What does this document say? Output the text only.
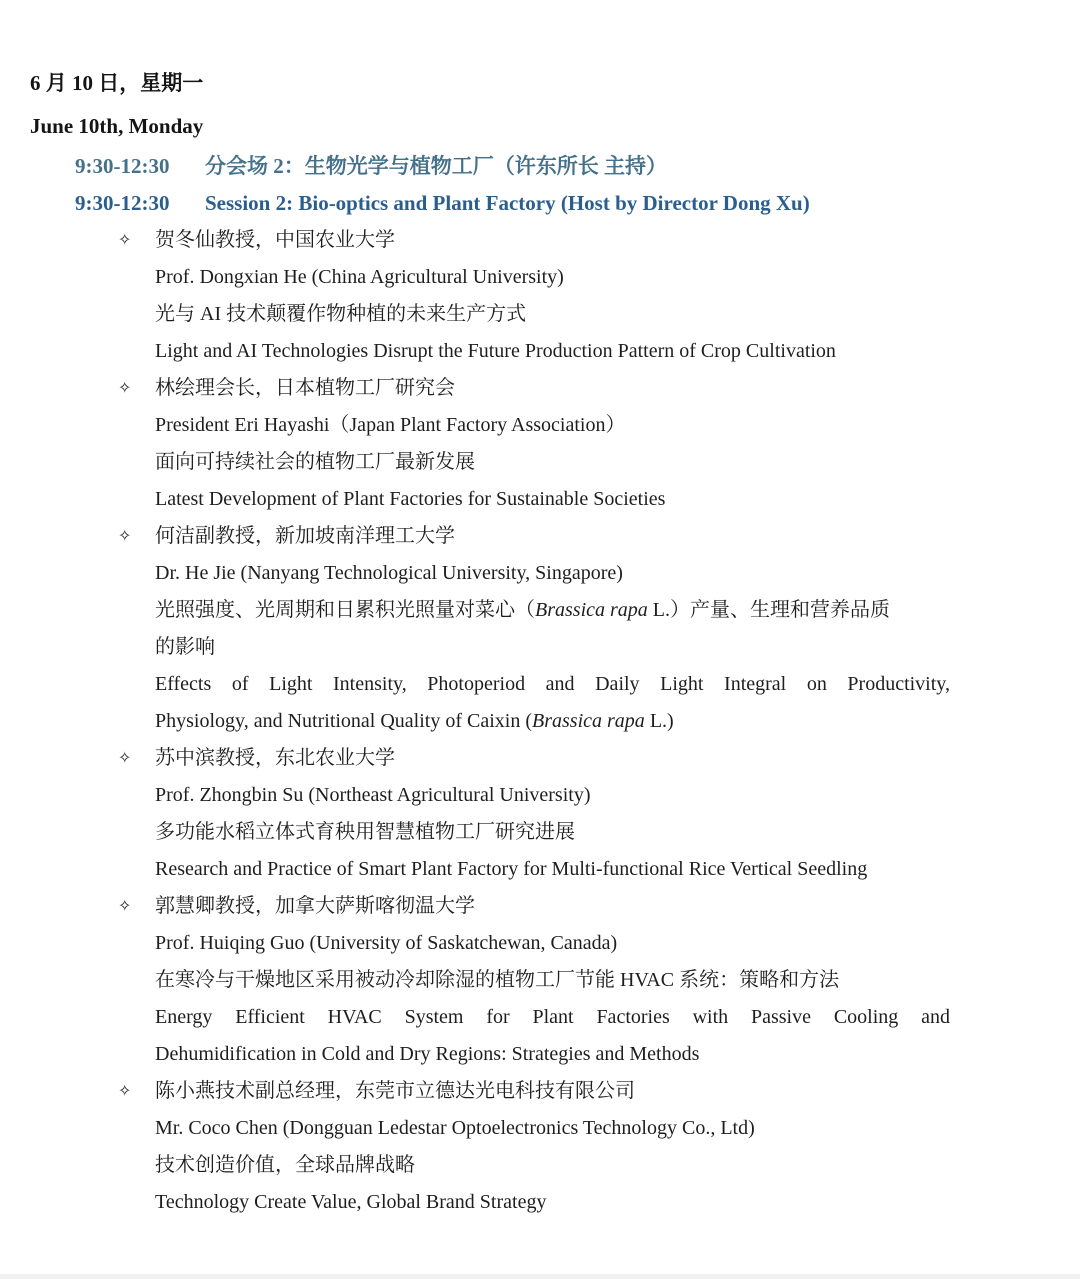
6 月 10 日，星期一
June 10th, Monday
9:30-12:30	分会场 2：生物光学与植物工厂（许东所长 主持）
9:30-12:30	Session 2: Bio-optics and Plant Factory (Host by Director Dong Xu)
✧ 贺冬仙教授，中国农业大学
Prof. Dongxian He (China Agricultural University)
光与 AI 技术颠覆作物种植的未来生产方式
Light and AI Technologies Disrupt the Future Production Pattern of Crop Cultivation
✧ 林绘理会长，日本植物工厂研究会
President Eri Hayashi（Japan Plant Factory Association）
面向可持续社会的植物工厂最新发展
Latest Development of Plant Factories for Sustainable Societies
✧ 何洁副教授，新加坡南洋理工大学
Dr. He Jie (Nanyang Technological University, Singapore)
光照强度、光周期和日累积光照量对菜心（Brassica rapa L.）产量、生理和营养品质
的影响
Effects of Light Intensity, Photoperiod and Daily Light Integral on Productivity,
Physiology, and Nutritional Quality of Caixin (Brassica rapa L.)
✧ 苏中滨教授，东北农业大学
Prof. Zhongbin Su (Northeast Agricultural University)
多功能水稻立体式育秧用智慧植物工厂研究进展
Research and Practice of Smart Plant Factory for Multi-functional Rice Vertical Seedling
✧ 郭慧卿教授，加拿大萨斯喀彻温大学
Prof. Huiqing Guo (University of Saskatchewan, Canada)
在寒冷与干燥地区采用被动冷却除湿的植物工厂节能 HVAC 系统：策略和方法
Energy Efficient HVAC System for Plant Factories with Passive Cooling and
Dehumidification in Cold and Dry Regions: Strategies and Methods
✧ 陈小燕技术副总经理，东莞市立德达光电科技有限公司
Mr. Coco Chen (Dongguan Ledestar Optoelectronics Technology Co., Ltd)
技术创造价值，全球品牌战略
Technology Create Value, Global Brand Strategy
